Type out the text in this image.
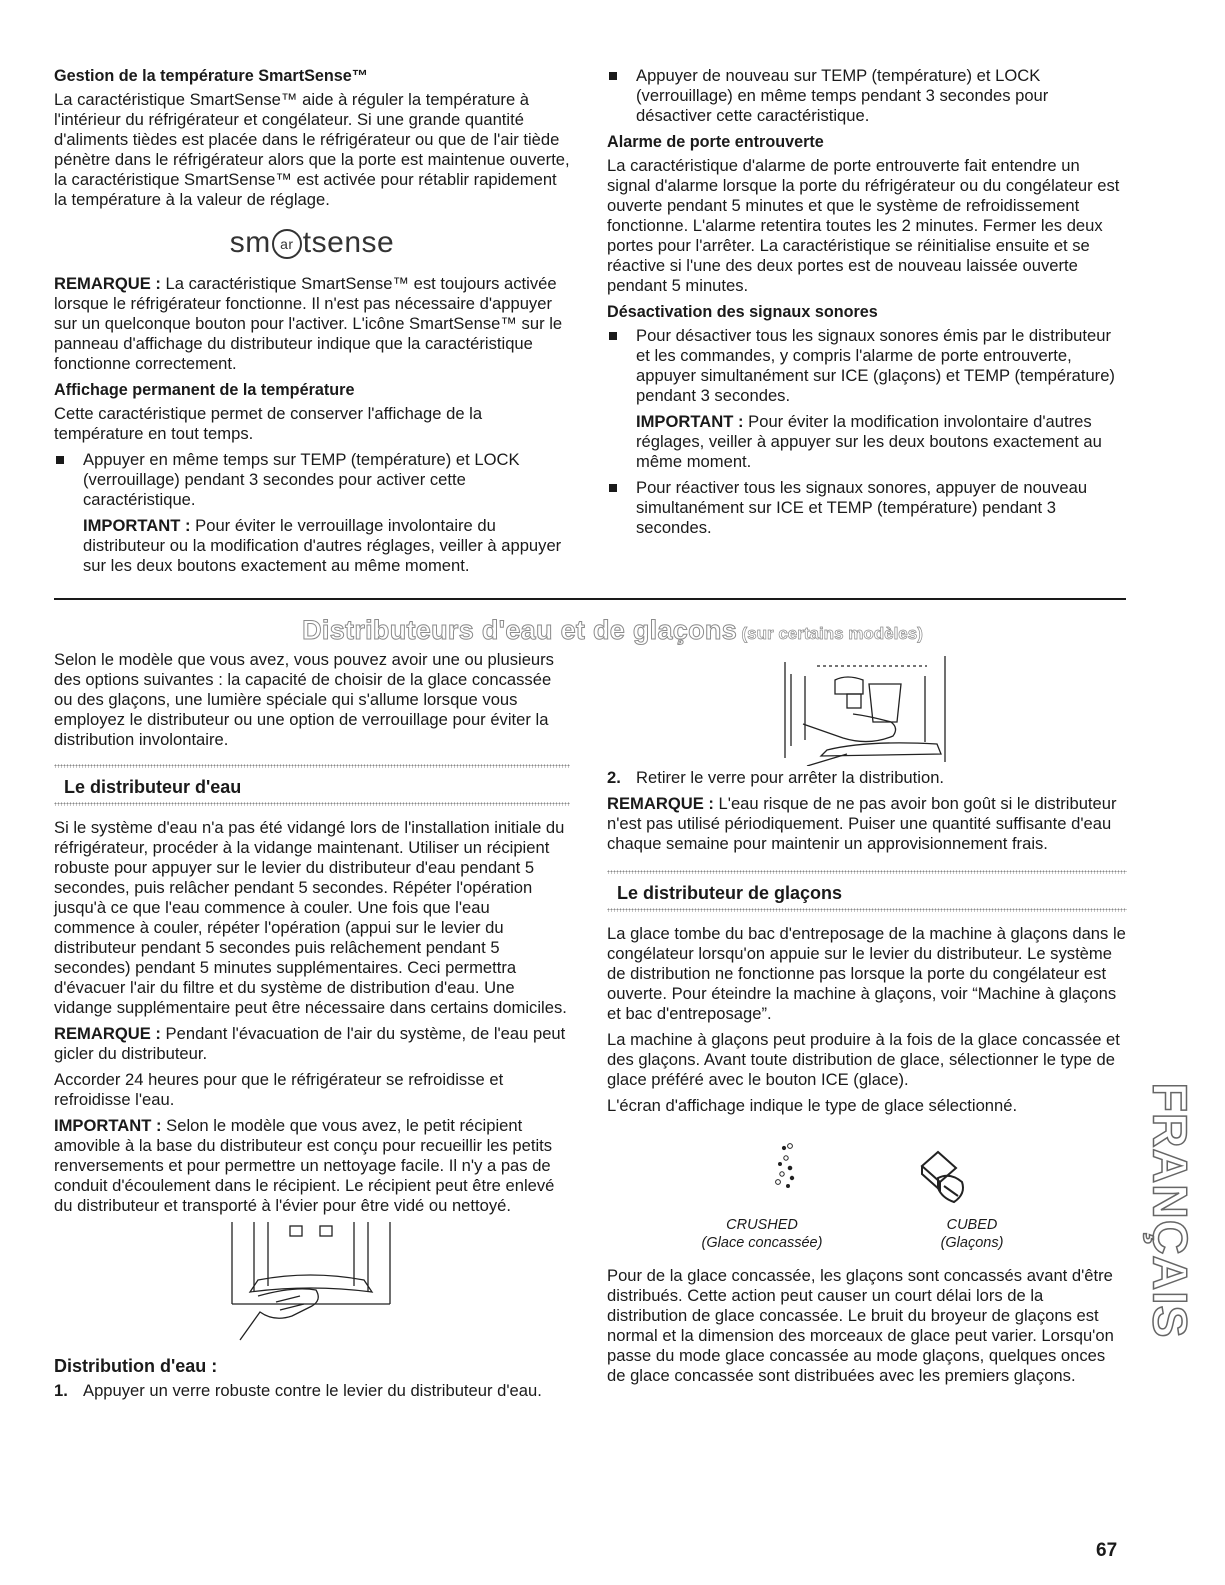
Gestion de la température SmartSense™

La caractéristique SmartSense™ aide à réguler la température à l'intérieur du réfrigérateur et congélateur. Si une grande quantité d'aliments tièdes est placée dans le réfrigérateur ou que de l'air tiède pénètre dans le réfrigérateur alors que la porte est maintenue ouverte, la caractéristique SmartSense™ est activée pour rétablir rapidement la température à la valeur de réglage.

sm ar tsense

REMARQUE : La caractéristique SmartSense™ est toujours activée lorsque le réfrigérateur fonctionne. Il n'est pas nécessaire d'appuyer sur un quelconque bouton pour l'activer. L'icône SmartSense™ sur le panneau d'affichage du distributeur indique que la caractéristique fonctionne correctement.

Affichage permanent de la température

Cette caractéristique permet de conserver l'affichage de la température en tout temps.

Appuyer en même temps sur TEMP (température) et LOCK (verrouillage) pendant 3 secondes pour activer cette caractéristique.

IMPORTANT : Pour éviter le verrouillage involontaire du distributeur ou la modification d'autres réglages, veiller à appuyer sur les deux boutons exactement au même moment.

Appuyer de nouveau sur TEMP (température) et LOCK (verrouillage) en même temps pendant 3 secondes pour désactiver cette caractéristique.
Alarme de porte entrouverte

La caractéristique d'alarme de porte entrouverte fait entendre un signal d'alarme lorsque la porte du réfrigérateur ou du congélateur est ouverte pendant 5 minutes et que le système de refroidissement fonctionne. L'alarme retentira toutes les 2 minutes. Fermer les deux portes pour l'arrêter. La caractéristique se réinitialise ensuite et se réactive si l'une des deux portes est de nouveau laissée ouverte pendant 5 minutes.

Désactivation des signaux sonores
Pour désactiver tous les signaux sonores émis par le distributeur et les commandes, y compris l'alarme de porte entrouverte, appuyer simultanément sur ICE (glaçons) et TEMP (température) pendant 3 secondes.

IMPORTANT : Pour éviter la modification involontaire d'autres réglages, veiller à appuyer sur les deux boutons exactement au même moment.

Pour réactiver tous les signaux sonores, appuyer de nouveau simultanément sur ICE et TEMP (température) pendant 3 secondes.
Distributeurs d'eau et de glaçons (sur certains modèles)

Selon le modèle que vous avez, vous pouvez avoir une ou plusieurs des options suivantes : la capacité de choisir de la glace concassée ou des glaçons, une lumière spéciale qui s'allume lorsque vous employez le distributeur ou une option de verrouillage pour éviter la distribution involontaire.

Le distributeur d'eau

Si le système d'eau n'a pas été vidangé lors de l'installation initiale du réfrigérateur, procéder à la vidange maintenant. Utiliser un récipient robuste pour appuyer sur le levier du distributeur d'eau pendant 5 secondes, puis relâcher pendant 5 secondes. Répéter l'opération jusqu'à ce que l'eau commence à couler. Une fois que l'eau commence à couler, répéter l'opération (appui sur le levier du distributeur pendant 5 secondes puis relâchement pendant 5 secondes) pendant 5 minutes supplémentaires. Ceci permettra d'évacuer l'air du filtre et du système de distribution d'eau. Une vidange supplémentaire peut être nécessaire dans certains domiciles.

REMARQUE : Pendant l'évacuation de l'air du système, de l'eau peut gicler du distributeur.

Accorder 24 heures pour que le réfrigérateur se refroidisse et refroidisse l'eau.

IMPORTANT : Selon le modèle que vous avez, le petit récipient amovible à la base du distributeur est conçu pour recueillir les petits renversements et pour permettre un nettoyage facile. Il n'y a pas de conduit d'écoulement dans le récipient. Le récipient peut être enlevé du distributeur et transporté à l'évier pour être vidé ou nettoyé.

Distribution d'eau :
1. Appuyer un verre robuste contre le levier du distributeur d'eau.
2. Retirer le verre pour arrêter la distribution.

REMARQUE : L'eau risque de ne pas avoir bon goût si le distributeur n'est pas utilisé périodiquement. Puiser une quantité suffisante d'eau chaque semaine pour maintenir un approvisionnement frais.

Le distributeur de glaçons

La glace tombe du bac d'entreposage de la machine à glaçons dans le congélateur lorsqu'on appuie sur le levier du distributeur. Le système de distribution ne fonctionne pas lorsque la porte du congélateur est ouverte. Pour éteindre la machine à glaçons, voir “Machine à glaçons et bac d'entreposage”.

La machine à glaçons peut produire à la fois de la glace concassée et des glaçons. Avant toute distribution de glace, sélectionner le type de glace préféré avec le bouton ICE (glace).

L'écran d'affichage indique le type de glace sélectionné.

CRUSHED
(Glace concassée)
CUBED
(Glaçons)

Pour de la glace concassée, les glaçons sont concassés avant d'être distribués. Cette action peut causer un court délai lors de la distribution de glace concassée. Le bruit du broyeur de glaçons est normal et la dimension des morceaux de glace peut varier. Lorsqu'on passe du mode glace concassée au mode glaçons, quelques onces de glace concassée sont distribuées avec les premiers glaçons.

FRANÇAIS
67
